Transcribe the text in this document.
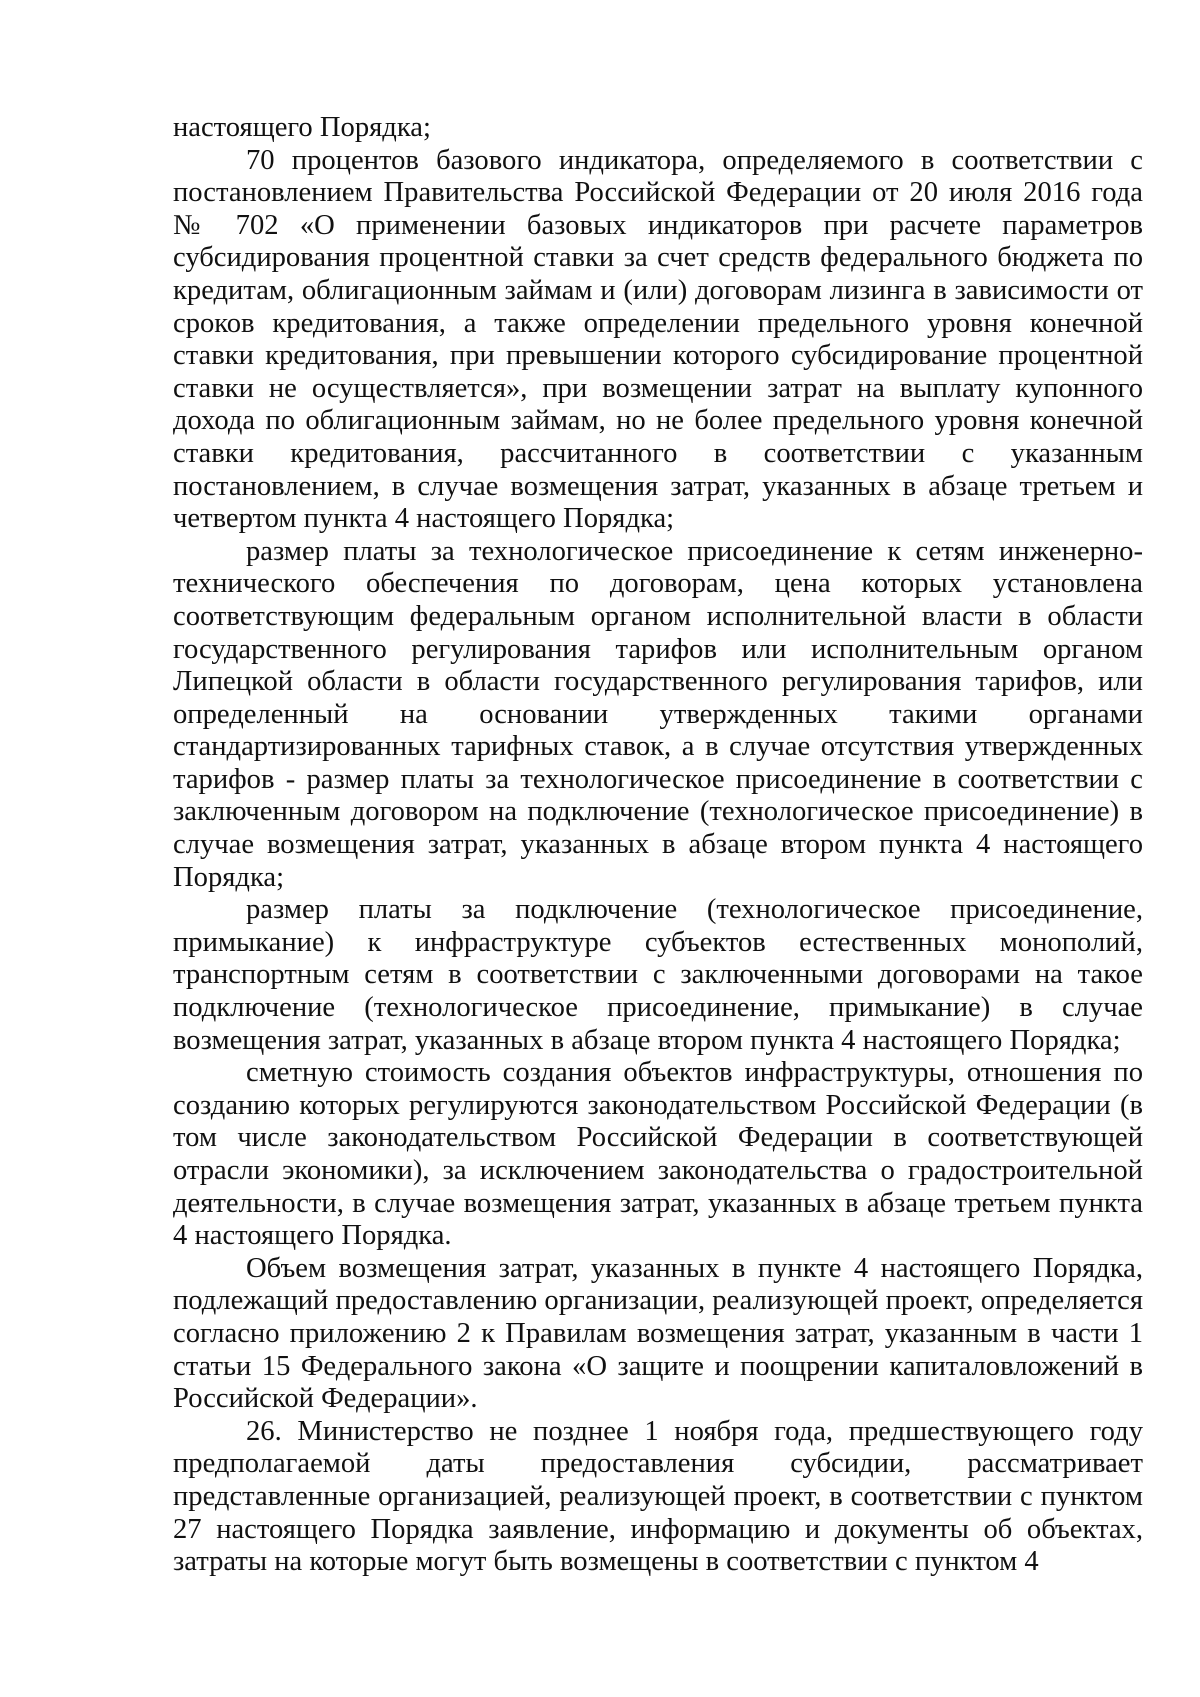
настоящего Порядка;

70 процентов базового индикатора, определяемого в соответствии с постановлением Правительства Российской Федерации от 20 июля 2016 года № 702 «О применении базовых индикаторов при расчете параметров субсидирования процентной ставки за счет средств федерального бюджета по кредитам, облигационным займам и (или) договорам лизинга в зависимости от сроков кредитования, а также определении предельного уровня конечной ставки кредитования, при превышении которого субсидирование процентной ставки не осуществляется», при возмещении затрат на выплату купонного дохода по облигационным займам, но не более предельного уровня конечной ставки кредитования, рассчитанного в соответствии с указанным постановлением, в случае возмещения затрат, указанных в абзаце третьем и четвертом пункта 4 настоящего Порядка;

размер платы за технологическое присоединение к сетям инженерно-технического обеспечения по договорам, цена которых установлена соответствующим федеральным органом исполнительной власти в области государственного регулирования тарифов или исполнительным органом Липецкой области в области государственного регулирования тарифов, или определенный на основании утвержденных такими органами стандартизированных тарифных ставок, а в случае отсутствия утвержденных тарифов - размер платы за технологическое присоединение в соответствии с заключенным договором на подключение (технологическое присоединение) в случае возмещения затрат, указанных в абзаце втором пункта 4 настоящего Порядка;

размер платы за подключение (технологическое присоединение, примыкание) к инфраструктуре субъектов естественных монополий, транспортным сетям в соответствии с заключенными договорами на такое подключение (технологическое присоединение, примыкание) в случае возмещения затрат, указанных в абзаце втором пункта 4 настоящего Порядка;

сметную стоимость создания объектов инфраструктуры, отношения по созданию которых регулируются законодательством Российской Федерации (в том числе законодательством Российской Федерации в соответствующей отрасли экономики), за исключением законодательства о градостроительной деятельности, в случае возмещения затрат, указанных в абзаце третьем пункта 4 настоящего Порядка.

Объем возмещения затрат, указанных в пункте 4 настоящего Порядка, подлежащий предоставлению организации, реализующей проект, определяется согласно приложению 2 к Правилам возмещения затрат, указанным в части 1 статьи 15 Федерального закона «О защите и поощрении капиталовложений в Российской Федерации».

26. Министерство не позднее 1 ноября года, предшествующего году предполагаемой даты предоставления субсидии, рассматривает представленные организацией, реализующей проект, в соответствии с пунктом 27 настоящего Порядка заявление, информацию и документы об объектах, затраты на которые могут быть возмещены в соответствии с пунктом 4
